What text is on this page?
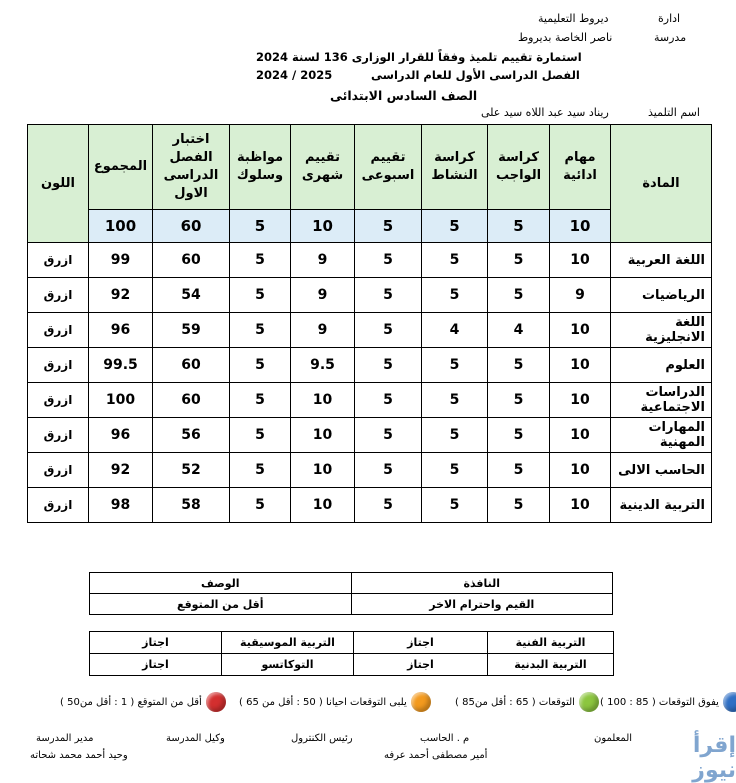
ادارة
ديروط التعليمية
مدرسة
ناصر الخاصة بديروط
استمارة تقييم تلميذ وفقاً للقرار الوزارى 136 لسنة 2024
الفصل الدراسى الأول للعام الدراسى
2024 / 2025
الصف السادس الابتدائى
اسم التلميذ
ريناد سيد عبد اللاه سيد على
المادة	مهام ادائية	كراسة الواجب	كراسة النشاط	تقييم اسبوعى	تقييم شهرى	مواظبة وسلوك	اختبار الفصل الدراسى الاول	المجموع	اللون
	10	5	5	5	10	5	60	100	
اللغة العربية	10	5	5	5	9	5	60	99	ازرق
الرياضيات	9	5	5	5	9	5	54	92	ازرق
اللغة الانجليزية	10	4	4	5	9	5	59	96	ازرق
العلوم	10	5	5	5	9.5	5	60	99.5	ازرق
الدراسات الاجتماعية	10	5	5	5	10	5	60	100	ازرق
المهارات المهنية	10	5	5	5	10	5	56	96	ازرق
الحاسب الالى	10	5	5	5	10	5	52	92	ازرق
التربية الدينية	10	5	5	5	10	5	58	98	ازرق
النافذة	الوصف
القيم واحترام الاخر	أقل من المتوقع
التربية الفنية	اجتاز	التربية الموسيقية	اجتاز
التربية البدنية	اجتاز	التوكاتسو	اجتاز
يفوق التوقعات ( 85 : 100 )
التوقعات ( 65 : أقل من85 )
يلبى التوقعات احيانا ( 50 : أقل من 65 )
أقل من المتوقع ( 1 : أقل من50 )
المعلمون
م . الحاسب
رئيس الكنترول
وكيل المدرسة
مدير المدرسة
أمير مصطفى أحمد عرفه
وحيد أحمد محمد شحاته	إقرأ نيوز
